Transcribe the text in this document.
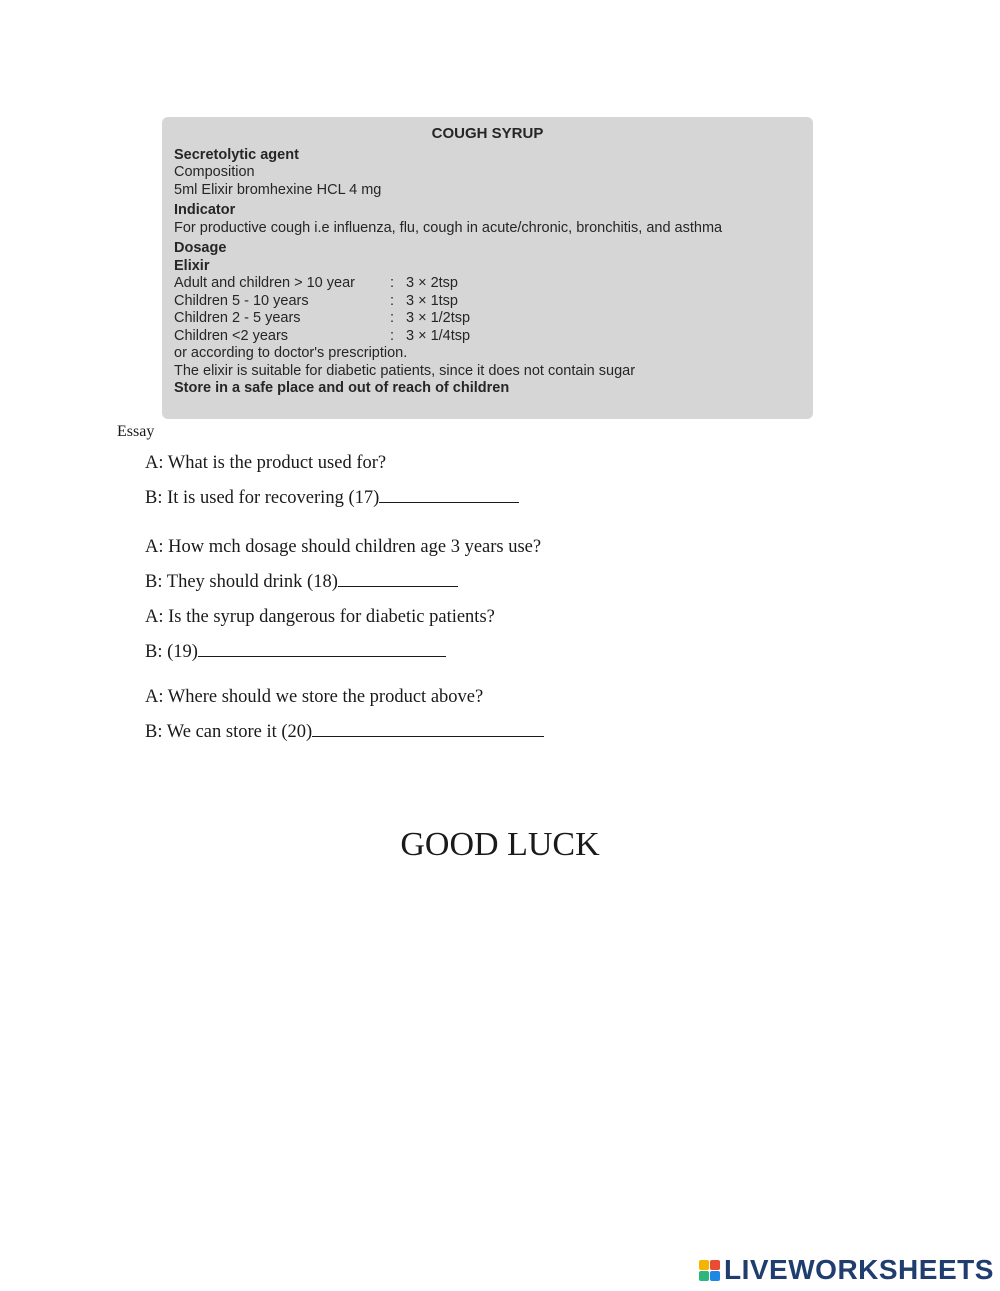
COUGH SYRUP
Secretolytic agent
Composition
5ml Elixir bromhexine HCL 4 mg
Indicator
For productive cough i.e influenza, flu, cough in acute/chronic, bronchitis, and asthma
Dosage
Elixir
Adult and children > 10 year	: 3 × 2tsp
Children 5 - 10 years	: 3 × 1tsp
Children 2 - 5 years	: 3 × 1/2tsp
Children <2 years	: 3 × 1/4tsp
or according to doctor's prescription.
The elixir is suitable for diabetic patients, since it does not contain sugar
Store in a safe place and out of reach of children
Essay
A: What is the product used for?
B: It is used for recovering (17)
A: How mch dosage should children age 3 years use?
B: They should drink (18)
A: Is the syrup dangerous for diabetic patients?
B: (19)
A: Where should we store the product above?
B: We can store it (20)
GOOD LUCK
LIVEWORKSHEETS
